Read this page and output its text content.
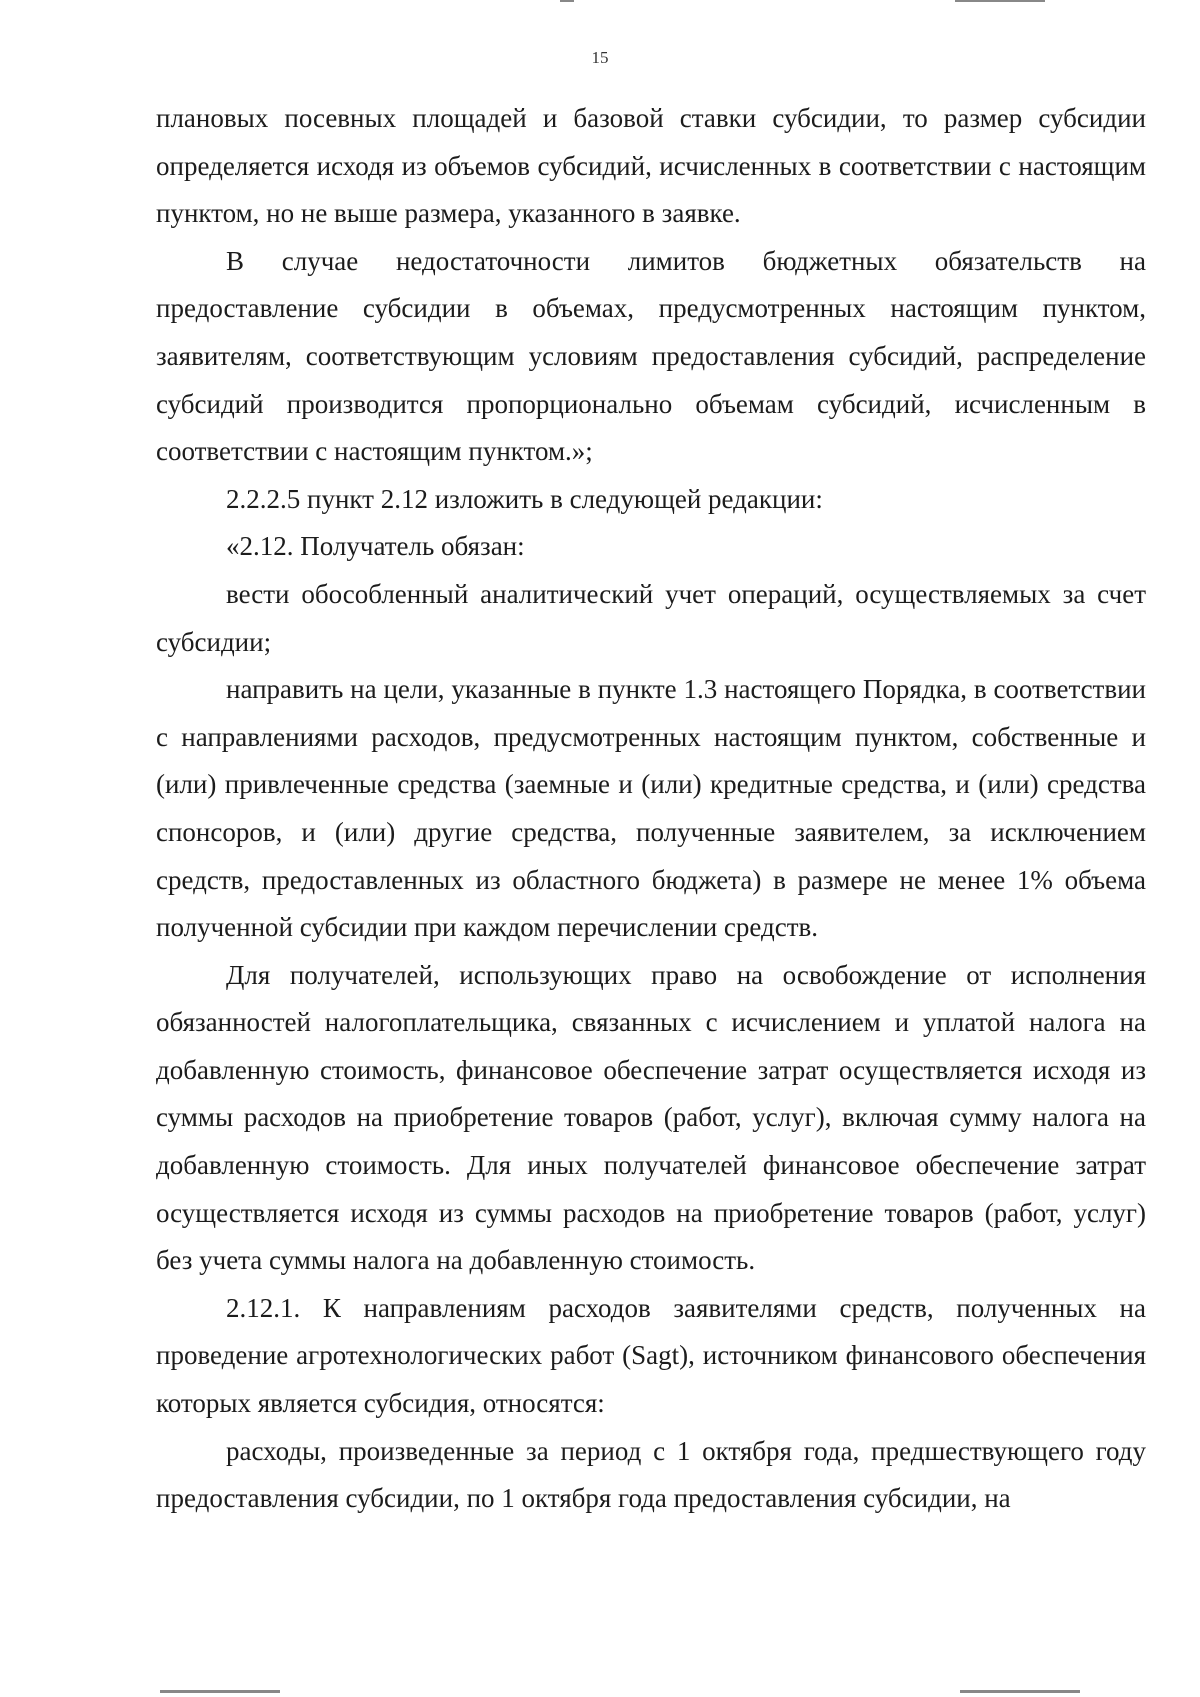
15

плановых посевных площадей и базовой ставки субсидии, то размер субсидии определяется исходя из объемов субсидий, исчисленных в соответствии с настоящим пунктом, но не выше размера, указанного в заявке.

В случае недостаточности лимитов бюджетных обязательств на предоставление субсидии в объемах, предусмотренных настоящим пунктом, заявителям, соответствующим условиям предоставления субсидий, распределение субсидий производится пропорционально объемам субсидий, исчисленным в соответствии с настоящим пунктом.»;

2.2.2.5 пункт 2.12 изложить в следующей редакции:

«2.12. Получатель обязан:

вести обособленный аналитический учет операций, осуществляемых за счет субсидии;

направить на цели, указанные в пункте 1.3 настоящего Порядка, в соответствии с направлениями расходов, предусмотренных настоящим пунктом, собственные и (или) привлеченные средства (заемные и (или) кредитные средства, и (или) средства спонсоров, и (или) другие средства, полученные заявителем, за исключением средств, предоставленных из областного бюджета) в размере не менее 1% объема полученной субсидии при каждом перечислении средств.

Для получателей, использующих право на освобождение от исполнения обязанностей налогоплательщика, связанных с исчислением и уплатой налога на добавленную стоимость, финансовое обеспечение затрат осуществляется исходя из суммы расходов на приобретение товаров (работ, услуг), включая сумму налога на добавленную стоимость. Для иных получателей финансовое обеспечение затрат осуществляется исходя из суммы расходов на приобретение товаров (работ, услуг) без учета суммы налога на добавленную стоимость.

2.12.1. К направлениям расходов заявителями средств, полученных на проведение агротехнологических работ (Sagt), источником финансового обеспечения которых является субсидия, относятся:

расходы, произведенные за период с 1 октября года, предшествующего году предоставления субсидии, по 1 октября года предоставления субсидии, на
